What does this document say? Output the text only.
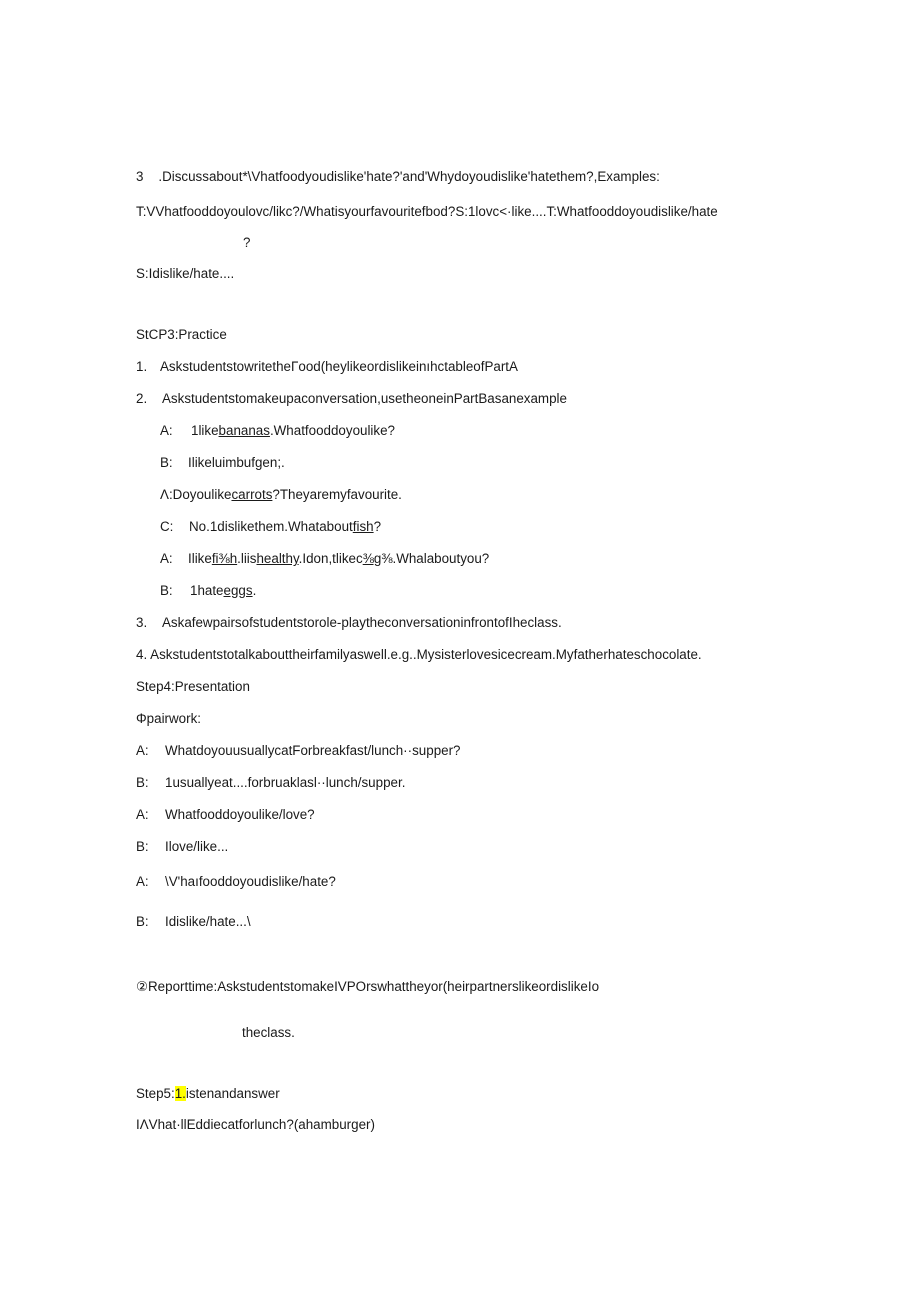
3 .Discussabout*\Vhatfoodyoudislike'hate?'and'Whydoyoudislike'hatethem?,Examples:
T:VVhatfooddoyoulovc/likc?/Whatisyourfavouritefbod?S:1lovc<·like....T:Whatfooddoyoudislike/hate
?
S:Idislike/hate....
StCP3:Practice
1. AskstudentstowritetheΓood(heylikeordislikeinıhctableofPartA
2. Askstudentstomakeupaconversation,usetheoneinPartBasanexample
A: 1likebananas.Whatfooddoyoulike?
B: Ilikeluimbufgen;.
Λ:Doyoulikecarrots?Theyaremyfavourite.
C: No.1dislikethem.Whataboutfish?
A: Ilikefi⅜h.liishealthy.Idon,tlikec⅜g⅜.Whalaboutyou?
B: 1hateeggs.
3. Askafewpairsofstudentstorole-playtheconversationinfrontofIheclass.
4. Askstudentstotalkabouttheirfamilyaswell.e.g..Mysisterlovesicecream.Myfatherhateschocolate.
Step4:Presentation
Φpairwork:
A: WhatdoyouusuallycatForbreakfast/lunch··supper?
B: 1usuallyeat....forbruaklasl··lunch/supper.
A: Whatfooddoyoulike/love?
B: Ilove/like...
A: \V'haıfooddoyoudislike/hate?
B: Idislike/hate...\
②Reporttime:AskstudentstomakeIVPOrswhattheyor(heirpartnerslikeordislikeIo
theclass.
Step5:1.istenandanswer
IΛVhat·llEddiecatforlunch?(ahamburger)
